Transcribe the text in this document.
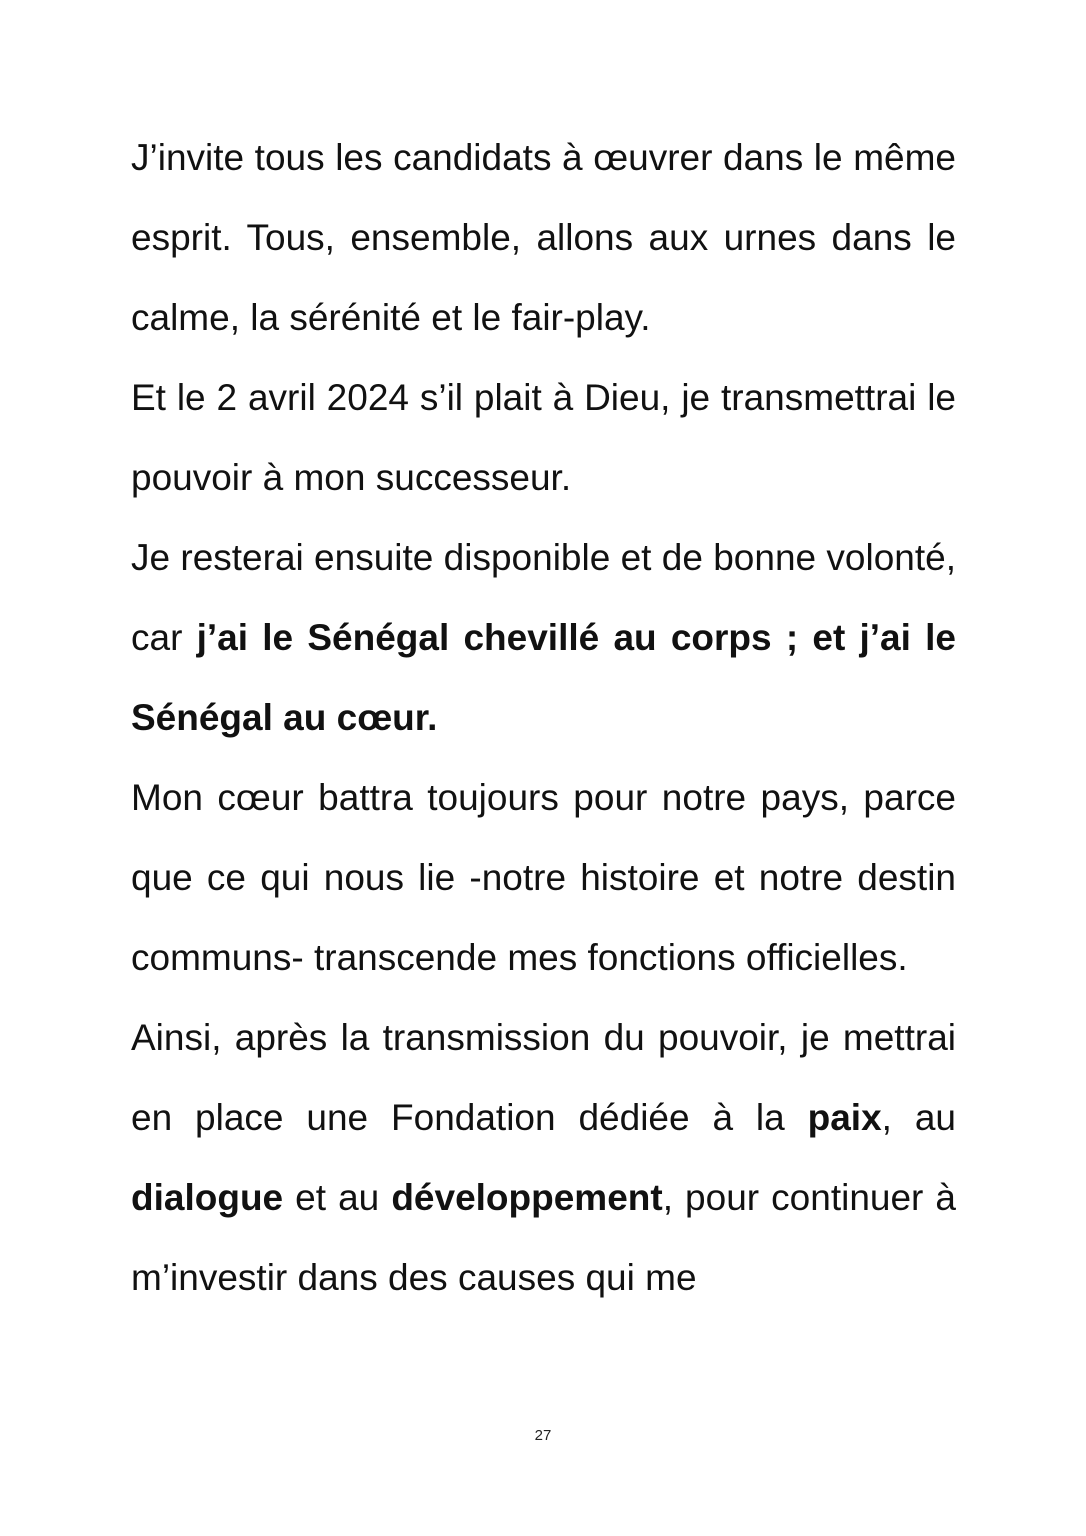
J’invite tous les candidats à œuvrer dans le même esprit. Tous, ensemble, allons aux urnes dans le calme, la sérénité et le fair-play.

Et le 2 avril 2024 s’il plait à Dieu, je transmettrai le pouvoir à mon successeur.

Je resterai ensuite disponible et de bonne volonté, car j’ai le Sénégal chevillé au corps ; et j’ai le Sénégal au cœur.

Mon cœur battra toujours pour notre pays, parce que ce qui nous lie -notre histoire et notre destin communs- transcende mes fonctions officielles.

Ainsi, après la transmission du pouvoir, je mettrai en place une Fondation dédiée à la paix, au dialogue et au développement, pour continuer à m’investir dans des causes qui me

27
